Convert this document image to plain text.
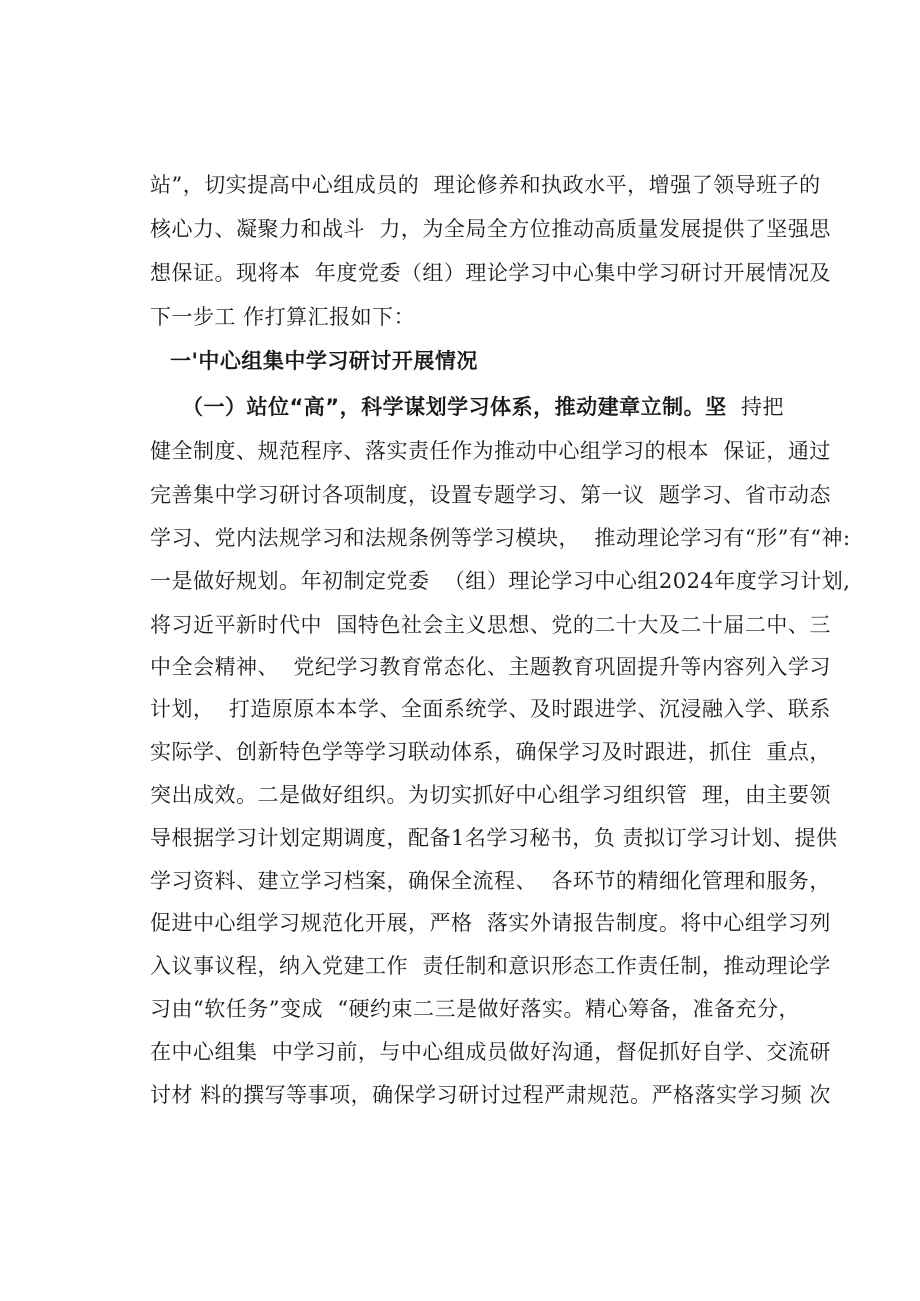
站”，切实提高中心组成员的  理论修养和执政水平，增强了领导班子的
核心力、凝聚力和战斗  力，为全局全方位推动高质量发展提供了坚强思
想保证。现将本  年度党委（组）理论学习中心集中学习研讨开展情况及
下一步工 作打算汇报如下：
一'中心组集中学习研讨开展情况
（一）站位“高”，科学谋划学习体系，推动建章立制。坚  持把
健全制度、规范程序、落实责任作为推动中心组学习的根本  保证，通过
完善集中学习研讨各项制度，设置专题学习、第一议  题学习、省市动态
学习、党内法规学习和法规条例等学习模块，  推动理论学习有“形”有“神:
一是做好规划。年初制定党委  （组）理论学习中心组2024年度学习计划,
将习近平新时代中  国特色社会主义思想、党的二十大及二十届二中、三
中全会精神、  党纪学习教育常态化、主题教育巩固提升等内容列入学习
计划，  打造原原本本学、全面系统学、及时跟进学、沉浸融入学、联系
实际学、创新特色学等学习联动体系，确保学习及时跟进，抓住  重点，
突出成效。二是做好组织。为切实抓好中心组学习组织管  理，由主要领
导根据学习计划定期调度，配备1名学习秘书，负 责拟订学习计划、提供
学习资料、建立学习档案，确保全流程、  各环节的精细化管理和服务，
促进中心组学习规范化开展，严格  落实外请报告制度。将中心组学习列
入议事议程，纳入党建工作  责任制和意识形态工作责任制，推动理论学
习由“软任务”变成  “硬约束二三是做好落实。精心筹备，准备充分，
在中心组集  中学习前，与中心组成员做好沟通，督促抓好自学、交流研
讨材 料的撰写等事项，确保学习研讨过程严肃规范。严格落实学习频 次
